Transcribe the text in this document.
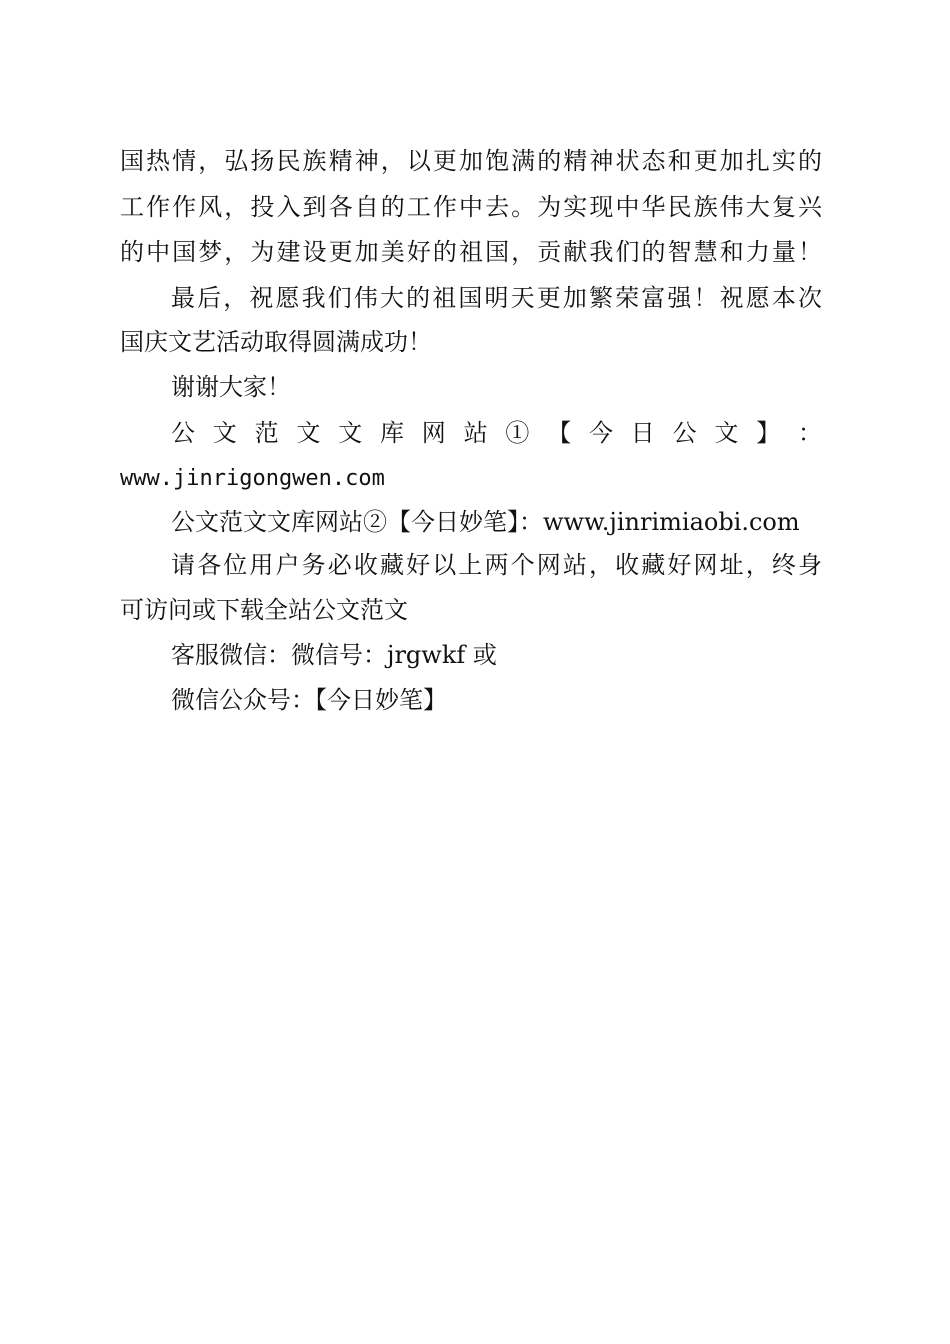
国热情，弘扬民族精神，以更加饱满的精神状态和更加扎实的
工作作风，投入到各自的工作中去。为实现中华民族伟大复兴
的中国梦，为建设更加美好的祖国，贡献我们的智慧和力量！
最后，祝愿我们伟大的祖国明天更加繁荣富强！祝愿本次
国庆文艺活动取得圆满成功！
谢谢大家！
公 文 范 文 文 库 网 站 ① 【 今 日 公 文 】 ：
www.jinrigongwen.com
公文范文文库网站②【今日妙笔】：www.jinrimiaobi.com
请各位用户务必收藏好以上两个网站，收藏好网址，终身
可访问或下载全站公文范文
客服微信：微信号：jrgwkf 或
微信公众号：【今日妙笔】
